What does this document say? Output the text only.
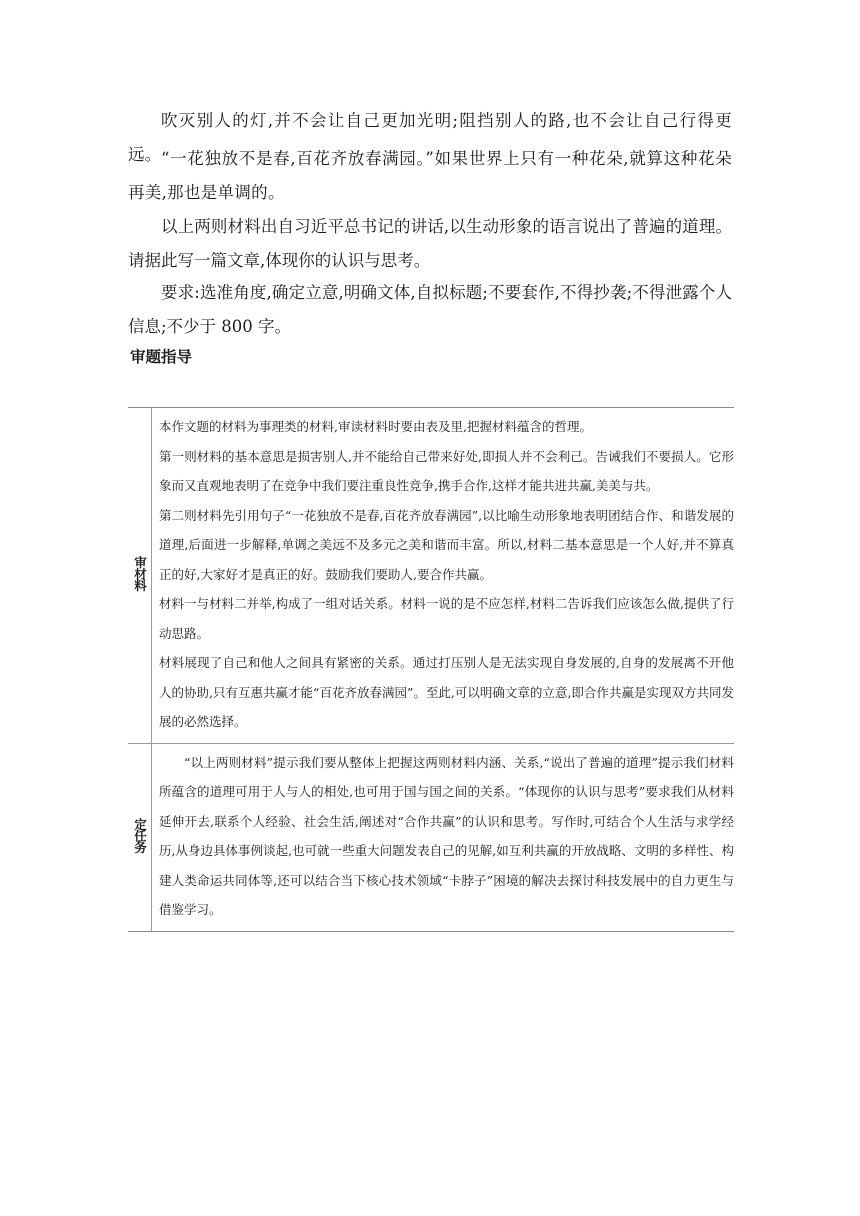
吹灭别人的灯,并不会让自己更加光明;阻挡别人的路,也不会让自己行得更远。 “一花独放不是春,百花齐放春满园。”如果世界上只有一种花朵,就算这种花朵再美,那也是单调的。

以上两则材料出自习近平总书记的讲话,以生动形象的语言说出了普遍的道理。请据此写一篇文章,体现你的认识与思考。

要求:选准角度,确定立意,明确文体,自拟标题;不要套作,不得抄袭;不得泄露个人信息;不少于 800 字。

审题指导
审材料	本作文题的材料为事理类的材料,审读材料时要由表及里,把握材料蕴含的哲理。

第一则材料的基本意思是损害别人,并不能给自己带来好处,即损人并不会利己。告诫我们不要损人。它形象而又直观地表明了在竞争中我们要注重良性竞争,携手合作,这样才能共进共赢,美美与共。

第二则材料先引用句子“一花独放不是春,百花齐放春满园”,以比喻生动形象地表明团结合作、和谐发展的道理,后面进一步解释,单调之美远不及多元之美和谐而丰富。所以,材料二基本意思是一个人好,并不算真正的好,大家好才是真正的好。鼓励我们要助人,要合作共赢。

材料一与材料二并举,构成了一组对话关系。材料一说的是不应怎样,材料二告诉我们应该怎么做,提供了行动思路。

材料展现了自己和他人之间具有紧密的关系。通过打压别人是无法实现自身发展的,自身的发展离不开他人的协助,只有互惠共赢才能“百花齐放春满园”。至此,可以明确文章的立意,即合作共赢是实现双方共同发展的必然选择。

定任务	“以上两则材料”提示我们要从整体上把握这两则材料内涵、关系,“说出了普遍的道理”提示我们材料所蕴含的道理可用于人与人的相处,也可用于国与国之间的关系。“体现你的认识与思考”要求我们从材料延伸开去,联系个人经验、社会生活,阐述对“合作共赢”的认识和思考。写作时,可结合个人生活与求学经历,从身边具体事例谈起,也可就一些重大问题发表自己的见解,如互利共赢的开放战略、文明的多样性、构建人类命运共同体等,还可以结合当下核心技术领域“卡脖子”困境的解决去探讨科技发展中的自力更生与借鉴学习。
